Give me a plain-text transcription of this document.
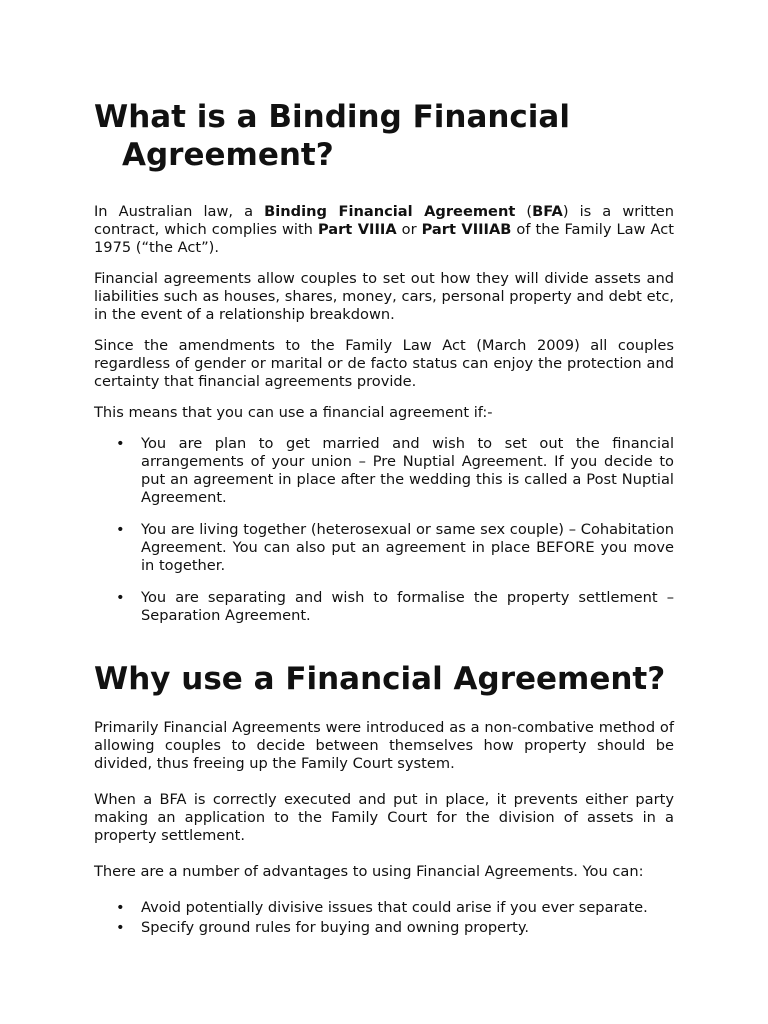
What is a Binding Financial Agreement?

In Australian law, a Binding Financial Agreement (BFA) is a written contract, which complies with Part VIIIA or Part VIIIAB of the Family Law Act 1975 (“the Act”).

Financial agreements allow couples to set out how they will divide assets and liabilities such as houses, shares, money, cars, personal property and debt etc, in the event of a relationship breakdown.

Since the amendments to the Family Law Act (March 2009) all couples regardless of gender or marital or de facto status can enjoy the protection and certainty that financial agreements provide.

This means that you can use a financial agreement if:-

• You are plan to get married and wish to set out the financial arrangements of your union – Pre Nuptial Agreement. If you decide to put an agreement in place after the wedding this is called a Post Nuptial Agreement.
• You are living together (heterosexual or same sex couple) – Cohabitation Agreement. You can also put an agreement in place BEFORE you move in together.
• You are separating and wish to formalise the property settlement – Separation Agreement.
Why use a Financial Agreement?

Primarily Financial Agreements were introduced as a non-combative method of allowing couples to decide between themselves how property should be divided, thus freeing up the Family Court system.

When a BFA is correctly executed and put in place, it prevents either party making an application to the Family Court for the division of assets in a property settlement.

There are a number of advantages to using Financial Agreements. You can:

• Avoid potentially divisive issues that could arise if you ever separate.
• Specify ground rules for buying and owning property.
